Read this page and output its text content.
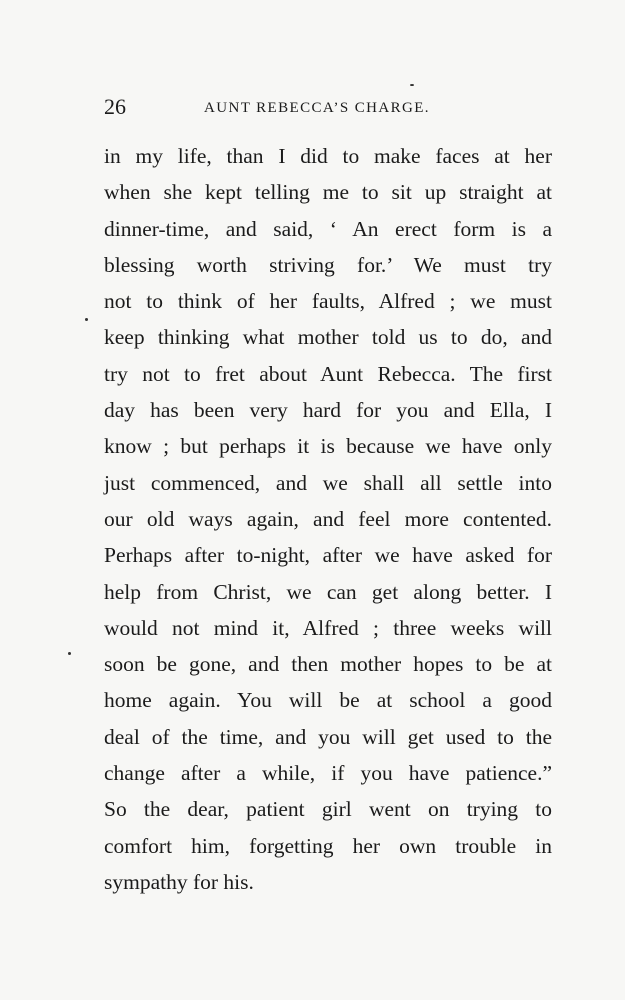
26	AUNT REBECCA’S CHARGE.
in my life, than I did to make faces at her
when she kept telling me to sit up straight at
dinner-time, and said, ‘ An erect form is a
blessing worth striving for.’ We must try
not to think of her faults, Alfred ; we must
keep thinking what mother told us to do, and
try not to fret about Aunt Rebecca. The first
day has been very hard for you and Ella, I
know ; but perhaps it is because we have only
just commenced, and we shall all settle into
our old ways again, and feel more contented.
Perhaps after to-night, after we have asked for
help from Christ, we can get along better. I
would not mind it, Alfred ; three weeks will
soon be gone, and then mother hopes to be at
home again. You will be at school a good
deal of the time, and you will get used to the
change after a while, if you have patience.”
So the dear, patient girl went on trying to
comfort him, forgetting her own trouble in
sympathy for his.
